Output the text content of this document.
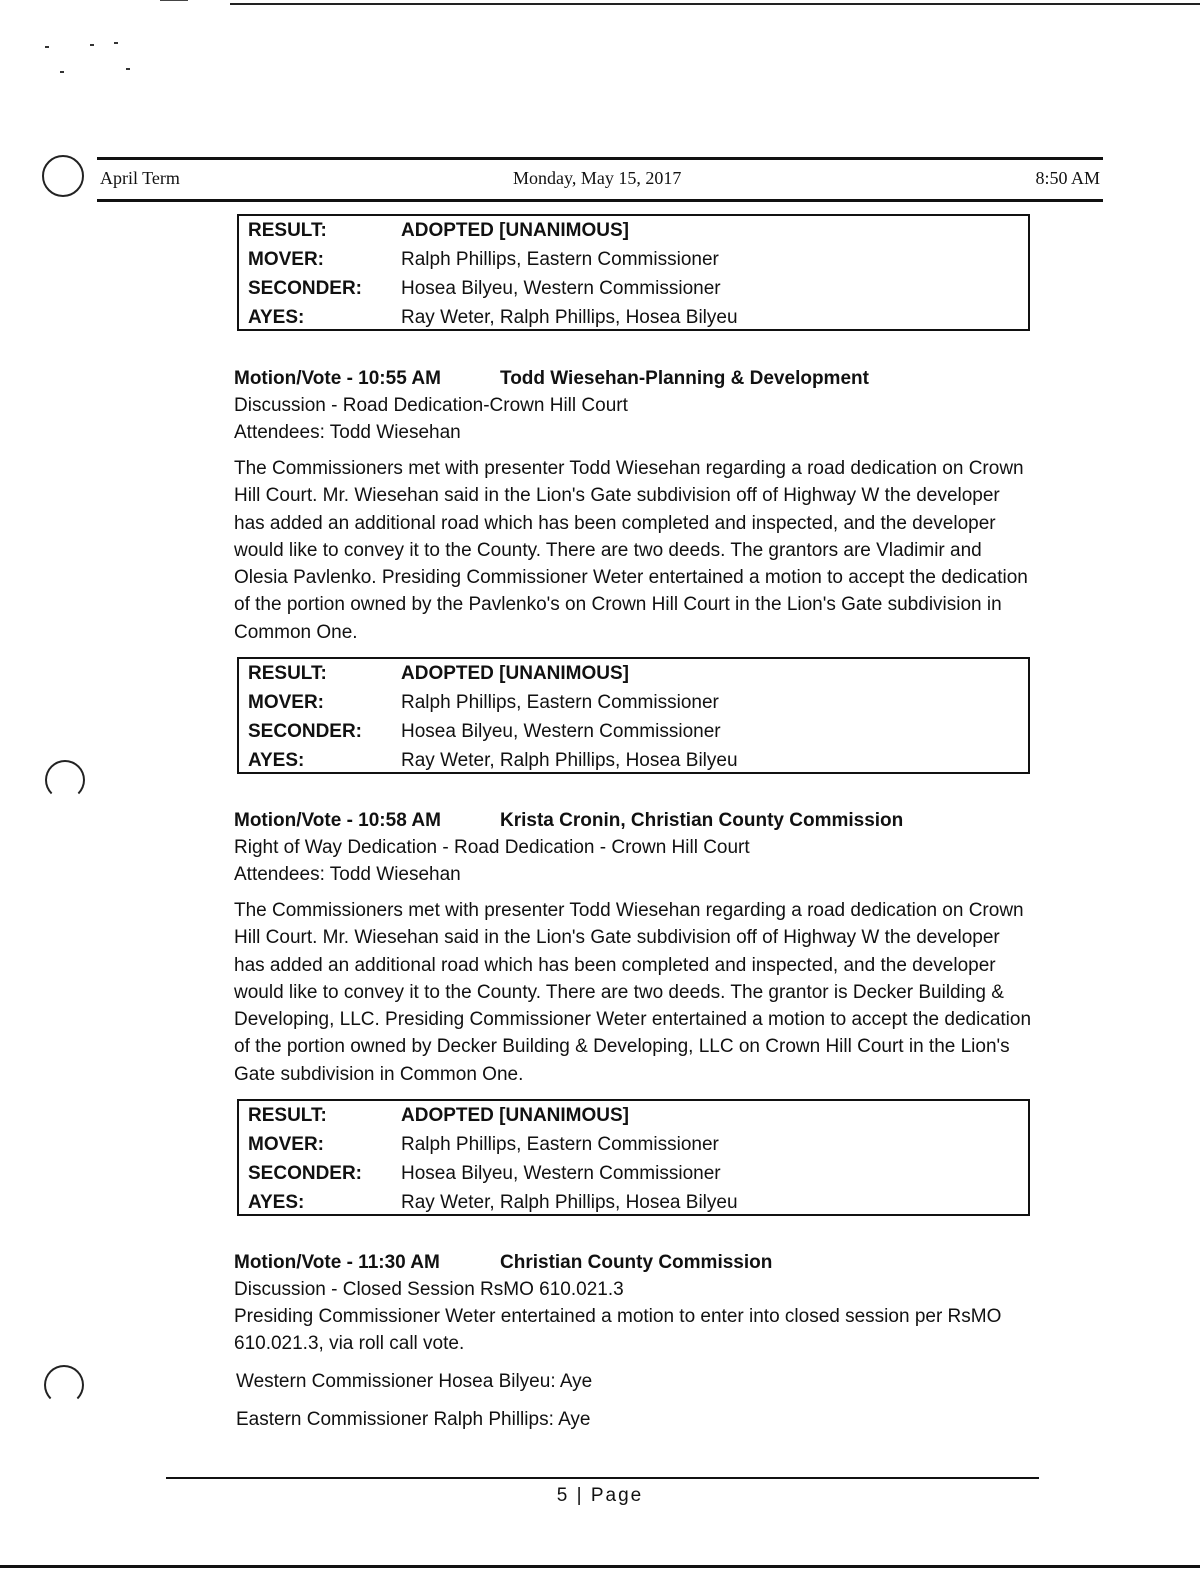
April Term	Monday, May 15, 2017	8:50 AM
RESULT:	ADOPTED [UNANIMOUS]
MOVER:	Ralph Phillips, Eastern Commissioner
SECONDER:	Hosea Bilyeu, Western Commissioner
AYES:	Ray Weter, Ralph Phillips, Hosea Bilyeu
Motion/Vote - 10:55 AM	Todd Wiesehan-Planning & Development
Discussion - Road Dedication-Crown Hill Court
Attendees: Todd Wiesehan
The Commissioners met with presenter Todd Wiesehan regarding a road dedication on Crown Hill Court. Mr. Wiesehan said in the Lion's Gate subdivision off of Highway W the developer has added an additional road which has been completed and inspected, and the developer would like to convey it to the County. There are two deeds. The grantors are Vladimir and Olesia Pavlenko. Presiding Commissioner Weter entertained a motion to accept the dedication of the portion owned by the Pavlenko's on Crown Hill Court in the Lion's Gate subdivision in Common One.
RESULT:	ADOPTED [UNANIMOUS]
MOVER:	Ralph Phillips, Eastern Commissioner
SECONDER:	Hosea Bilyeu, Western Commissioner
AYES:	Ray Weter, Ralph Phillips, Hosea Bilyeu
Motion/Vote - 10:58 AM	Krista Cronin, Christian County Commission
Right of Way Dedication - Road Dedication - Crown Hill Court
Attendees: Todd Wiesehan
The Commissioners met with presenter Todd Wiesehan regarding a road dedication on Crown Hill Court. Mr. Wiesehan said in the Lion's Gate subdivision off of Highway W the developer has added an additional road which has been completed and inspected, and the developer would like to convey it to the County. There are two deeds. The grantor is Decker Building & Developing, LLC. Presiding Commissioner Weter entertained a motion to accept the dedication of the portion owned by Decker Building & Developing, LLC on Crown Hill Court in the Lion's Gate subdivision in Common One.
RESULT:	ADOPTED [UNANIMOUS]
MOVER:	Ralph Phillips, Eastern Commissioner
SECONDER:	Hosea Bilyeu, Western Commissioner
AYES:	Ray Weter, Ralph Phillips, Hosea Bilyeu
Motion/Vote - 11:30 AM	Christian County Commission
Discussion - Closed Session RsMO 610.021.3
Presiding Commissioner Weter entertained a motion to enter into closed session per RsMO 610.021.3, via roll call vote.
Western Commissioner Hosea Bilyeu: Aye
Eastern Commissioner Ralph Phillips: Aye
5 | Page
